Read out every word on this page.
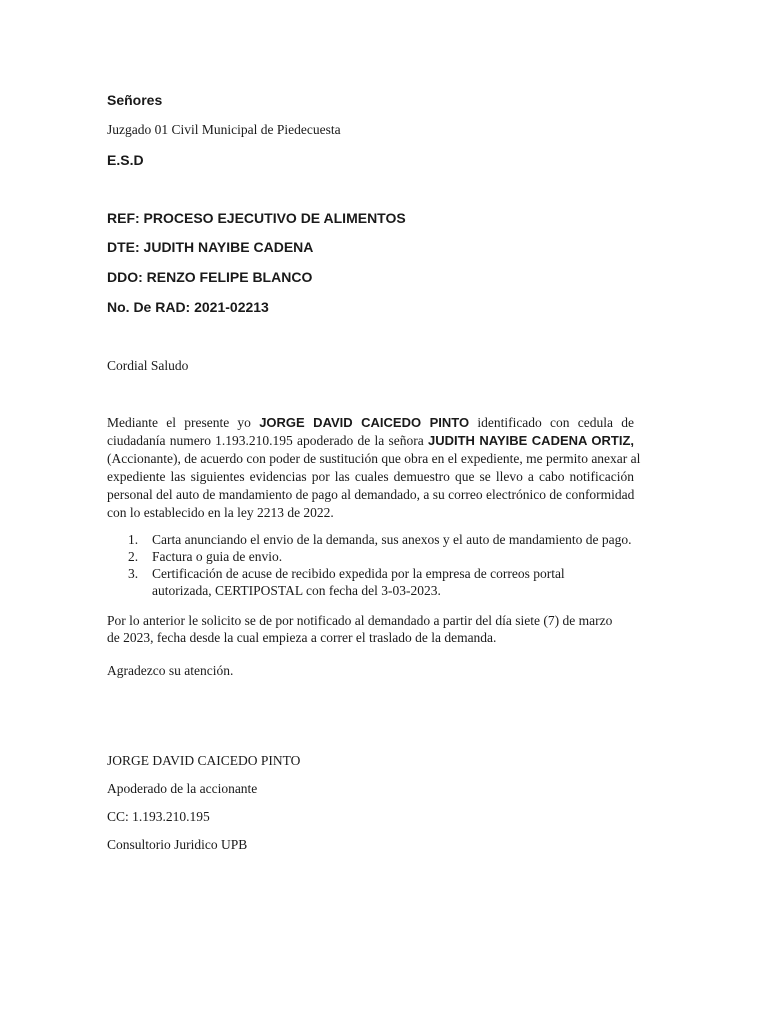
Señores
Juzgado 01 Civil Municipal de Piedecuesta
E.S.D
REF: PROCESO EJECUTIVO DE ALIMENTOS
DTE: JUDITH NAYIBE CADENA
DDO: RENZO FELIPE BLANCO
No. De RAD: 2021-02213
Cordial Saludo
Mediante el presente yo JORGE DAVID CAICEDO PINTO identificado con cedula de
ciudadanía numero 1.193.210.195 apoderado de la señora JUDITH NAYIBE CADENA ORTIZ,
(Accionante), de acuerdo con poder de sustitución que obra en el expediente, me permito anexar al
expediente las siguientes evidencias por las cuales demuestro que se llevo a cabo notificación
personal del auto de mandamiento de pago al demandado, a su correo electrónico de conformidad
con lo establecido en la ley 2213 de 2022.
1. Carta anunciando el envio de la demanda, sus anexos y el auto de mandamiento de pago.
2. Factura o guia de envio.
3. Certificación de acuse de recibido expedida por la empresa de correos portal
autorizada, CERTIPOSTAL con fecha del 3-03-2023.
Por lo anterior le solicito se de por notificado al demandado a partir del día siete (7) de marzo
de 2023, fecha desde la cual empieza a correr el traslado de la demanda.
Agradezco su atención.
JORGE DAVID CAICEDO PINTO
Apoderado de la accionante
CC: 1.193.210.195
Consultorio Juridico UPB
